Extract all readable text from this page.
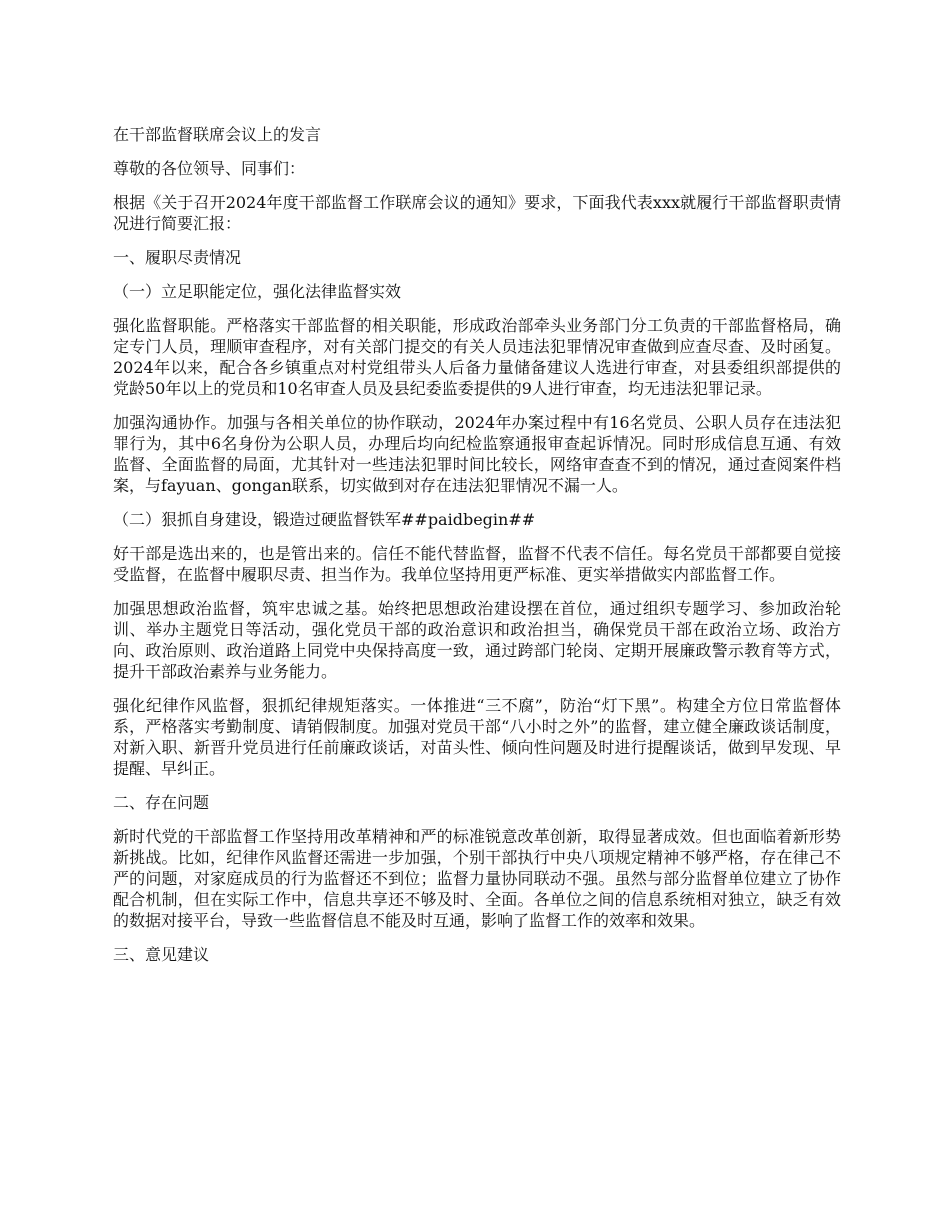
在干部监督联席会议上的发言

尊敬的各位领导、同事们：

根据《关于召开2024年度干部监督工作联席会议的通知》要求，下面我代表xxx就履行干部监督职责情况进行简要汇报：

一、履职尽责情况

（一）立足职能定位，强化法律监督实效

强化监督职能。严格落实干部监督的相关职能，形成政治部牵头业务部门分工负责的干部监督格局，确定专门人员，理顺审查程序，对有关部门提交的有关人员违法犯罪情况审查做到应查尽查、及时函复。2024年以来，配合各乡镇重点对村党组带头人后备力量储备建议人选进行审查，对县委组织部提供的党龄50年以上的党员和10名审查人员及县纪委监委提供的9人进行审查，均无违法犯罪记录。

加强沟通协作。加强与各相关单位的协作联动，2024年办案过程中有16名党员、公职人员存在违法犯罪行为，其中6名身份为公职人员，办理后均向纪检监察通报审查起诉情况。同时形成信息互通、有效监督、全面监督的局面，尤其针对一些违法犯罪时间比较长，网络审查查不到的情况，通过查阅案件档案，与fayuan、gongan联系，切实做到对存在违法犯罪情况不漏一人。

（二）狠抓自身建设，锻造过硬监督铁军##paidbegin##

好干部是选出来的，也是管出来的。信任不能代替监督，监督不代表不信任。每名党员干部都要自觉接受监督，在监督中履职尽责、担当作为。我单位坚持用更严标准、更实举措做实内部监督工作。

加强思想政治监督，筑牢忠诚之基。始终把思想政治建设摆在首位，通过组织专题学习、参加政治轮训、举办主题党日等活动，强化党员干部的政治意识和政治担当，确保党员干部在政治立场、政治方向、政治原则、政治道路上同党中央保持高度一致，通过跨部门轮岗、定期开展廉政警示教育等方式，提升干部政治素养与业务能力。

强化纪律作风监督，狠抓纪律规矩落实。一体推进“三不腐”，防治“灯下黑”。构建全方位日常监督体系，严格落实考勤制度、请销假制度。加强对党员干部“八小时之外”的监督，建立健全廉政谈话制度，对新入职、新晋升党员进行任前廉政谈话，对苗头性、倾向性问题及时进行提醒谈话，做到早发现、早提醒、早纠正。

二、存在问题

新时代党的干部监督工作坚持用改革精神和严的标准锐意改革创新，取得显著成效。但也面临着新形势新挑战。比如，纪律作风监督还需进一步加强，个别干部执行中央八项规定精神不够严格，存在律己不严的问题，对家庭成员的行为监督还不到位；监督力量协同联动不强。虽然与部分监督单位建立了协作配合机制，但在实际工作中，信息共享还不够及时、全面。各单位之间的信息系统相对独立，缺乏有效的数据对接平台，导致一些监督信息不能及时互通，影响了监督工作的效率和效果。

三、意见建议
